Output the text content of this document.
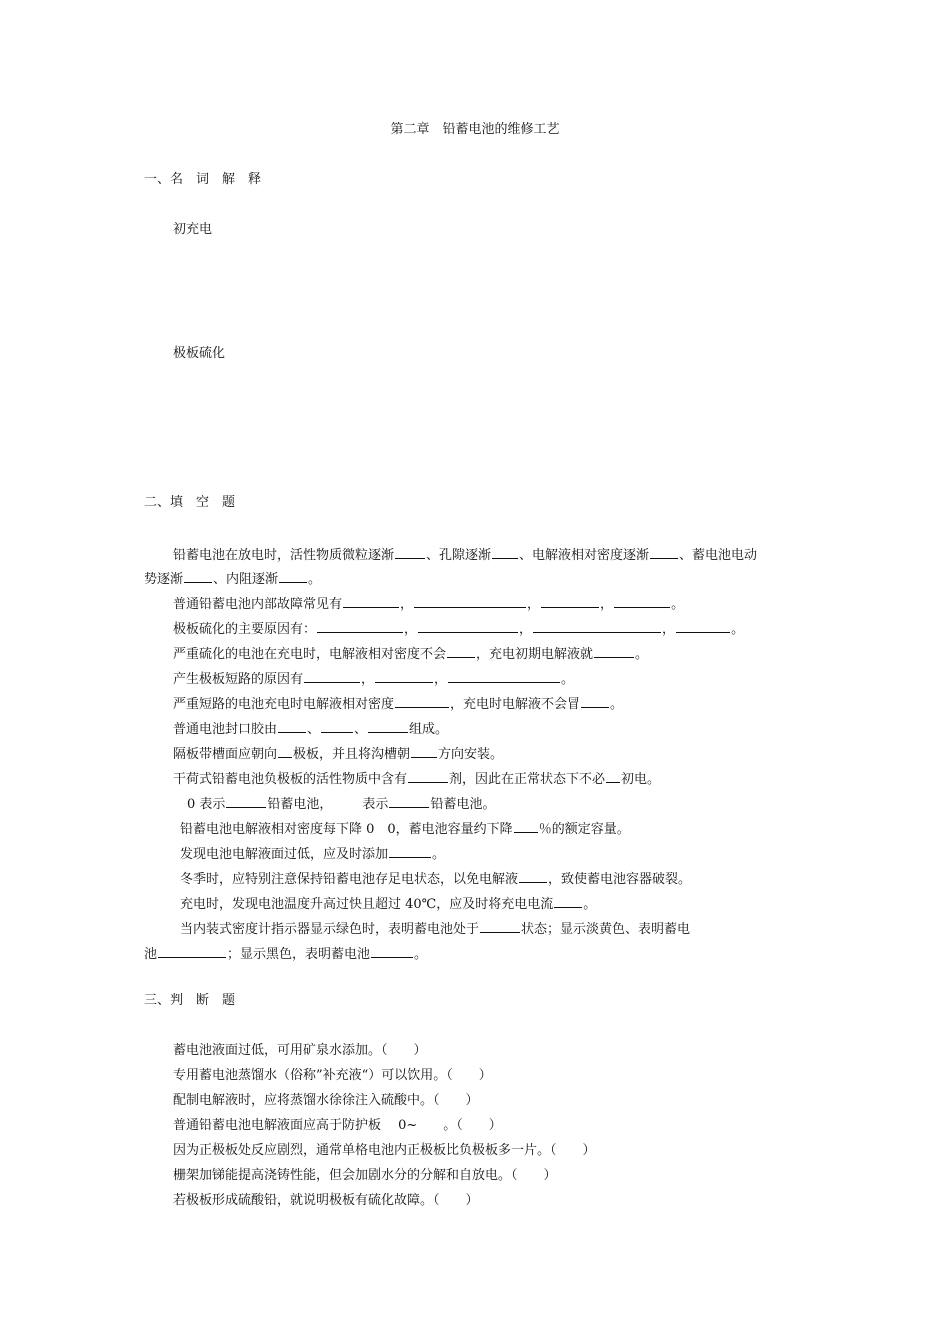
第二章　铅蓄电池的维修工艺
一、名　词　解　释
初充电
极板硫化
二、填　空　题
铅蓄电池在放电时，活性物质微粒逐渐 、孔隙逐渐 、电解液相对密度逐渐 、蓄电池电动
势逐渐 、内阻逐渐 。
普通铅蓄电池内部故障常见有	，	，	，	。
极板硫化的主要原因有：	，	，	，	。
严重硫化的电池在充电时，电解液相对密度不会 ，充电初期电解液就	。
产生极板短路的原因有	，	，	。
严重短路的电池充电时电解液相对密度	，充电时电解液不会冒 。
普通电池封口胶由 、	、	组成。
隔板带槽面应朝向 极板，并且将沟槽朝 方向安装。
干荷式铅蓄电池负极板的活性物质中含有	剂，因此在正常状态下不必 初电。
0 表示	铅蓄电池， 表示	铅蓄电池。
铅蓄电池电解液相对密度每下降 0　0，蓄电池容量约下降 ％的额定容量。
发现电池电解液面过低，应及时添加	。
冬季时，应特别注意保持铅蓄电池存足电状态，以免电解液 ，致使蓄电池容器破裂。
充电时，发现电池温度升高过快且超过 40℃，应及时将充电电流 。
当内装式密度计指示器显示绿色时，表明蓄电池处于	状态；显示淡黄色、表明蓄电
池	；显示黑色，表明蓄电池	。
三、判　断　题
蓄电池液面过低，可用矿泉水添加。（　　）
专用蓄电池蒸馏水（俗称”补充液“）可以饮用。（　　）
配制电解液时，应将蒸馏水徐徐注入硫酸中。（　　）
普通铅蓄电池电解液面应高于防护板　 0~　　。（　　）
因为正极板处反应剧烈，通常单格电池内正极板比负极板多一片。（　　）
栅架加锑能提高浇铸性能，但会加剧水分的分解和自放电。（　　）
若极板形成硫酸铅，就说明极板有硫化故障。（　　）
